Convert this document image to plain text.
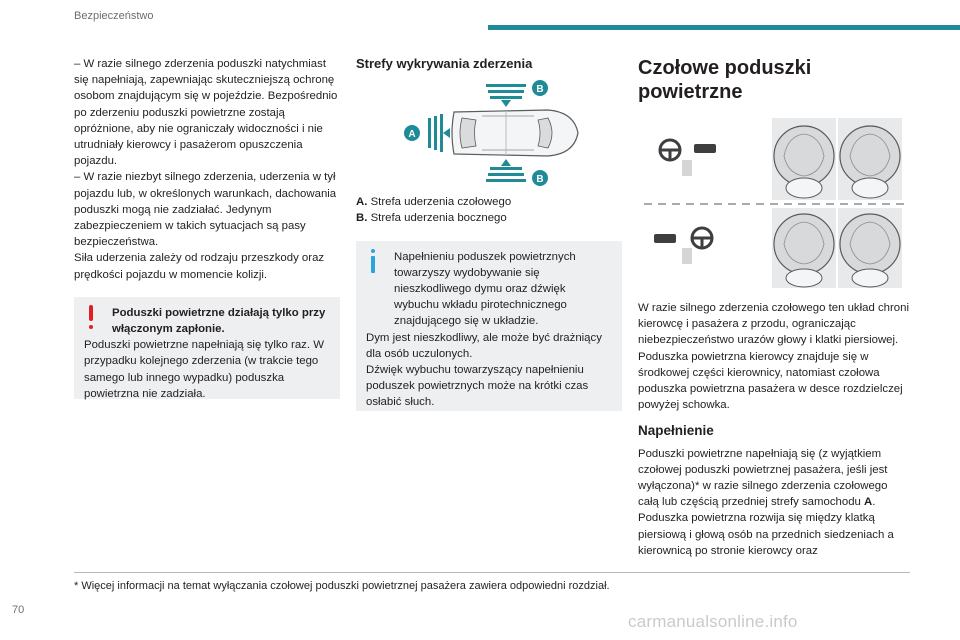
Bezpieczeństwo
– W razie silnego zderzenia poduszki natychmiast się napełniają, zapewniając skuteczniejszą ochronę osobom znajdującym się w pojeździe. Bezpośrednio po zderzeniu poduszki powietrzne zostają opróżnione, aby nie ograniczały widoczności i nie utrudniały kierowcy i pasażerom opuszczenia pojazdu.
– W razie niezbyt silnego zderzenia, uderzenia w tył pojazdu lub, w określonych warunkach, dachowania poduszki mogą nie zadziałać. Jedynym zabezpieczeniem w takich sytuacjach są pasy bezpieczeństwa.
Siła uderzenia zależy od rodzaju przeszkody oraz prędkości pojazdu w momencie kolizji.
Poduszki powietrzne działają tylko przy włączonym zapłonie.
Poduszki powietrzne napełniają się tylko raz. W przypadku kolejnego zderzenia (w trakcie tego samego lub innego wypadku) poduszka powietrzna nie zadziała.
Strefy wykrywania zderzenia
A
B
B
A. Strefa uderzenia czołowego
B. Strefa uderzenia bocznego
Napełnieniu poduszek powietrznych towarzyszy wydobywanie się nieszkodliwego dymu oraz dźwięk wybuchu wkładu pirotechnicznego znajdującego się w układzie.
Dym jest nieszkodliwy, ale może być drażniący dla osób uczulonych.
Dźwięk wybuchu towarzyszący napełnieniu poduszek powietrznych może na krótki czas osłabić słuch.
Czołowe poduszki powietrzne
W razie silnego zderzenia czołowego ten układ chroni kierowcę i pasażera z przodu, ograniczając niebezpieczeństwo urazów głowy i klatki piersiowej.
Poduszka powietrzna kierowcy znajduje się w środkowej części kierownicy, natomiast czołowa poduszka powietrzna pasażera w desce rozdzielczej powyżej schowka.
Napełnienie
Poduszki powietrzne napełniają się (z wyjątkiem czołowej poduszki powietrznej pasażera, jeśli jest wyłączona)* w razie silnego zderzenia czołowego całą lub częścią przedniej strefy samochodu A.
Poduszka powietrzna rozwija się między klatką piersiową i głową osób na przednich siedzeniach a kierownicą po stronie kierowcy oraz
* Więcej informacji na temat wyłączania czołowej poduszki powietrznej pasażera zawiera odpowiedni rozdział.
70
carmanualsonline.info
